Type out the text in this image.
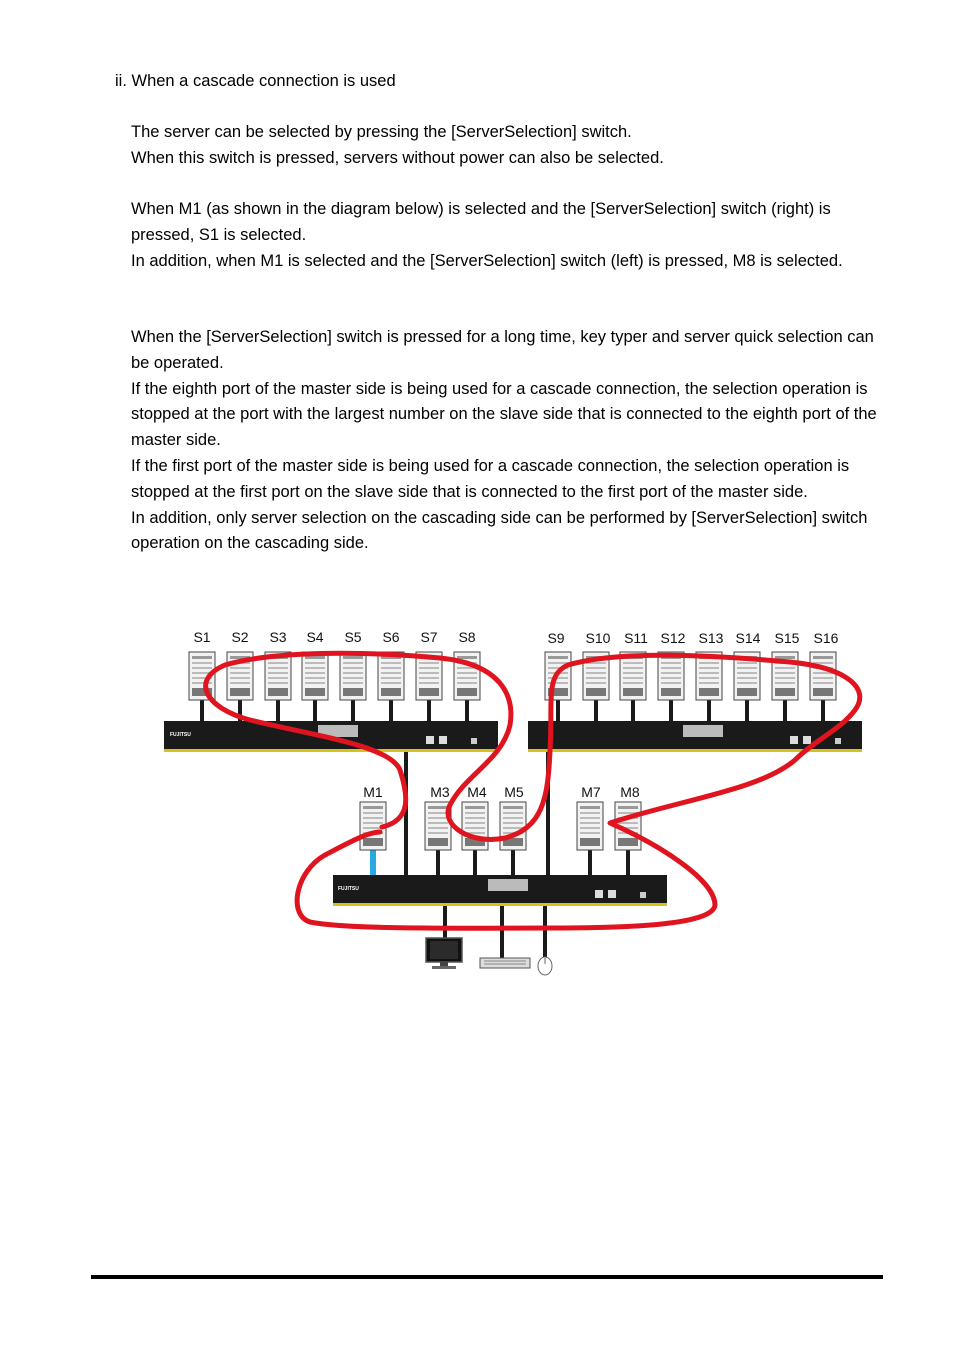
ii. When a cascade connection is used

The server can be selected by pressing the [ServerSelection] switch.

When this switch is pressed, servers without power can also be selected.

When M1 (as shown in the diagram below) is selected and the [ServerSelection] switch (right) is pressed, S1 is selected.

In addition, when M1 is selected and the [ServerSelection] switch (left) is pressed, M8 is selected.

When the [ServerSelection] switch is pressed for a long time, key typer and server quick selection can be operated.

If the eighth port of the master side is being used for a cascade connection, the selection operation is stopped at the port with the largest number on the slave side that is connected to the eighth port of the master side.

If the first port of the master side is being used for a cascade connection, the selection operation is stopped at the first port on the slave side that is connected to the first port of the master side.

In addition, only server selection on the cascading side can be performed by [ServerSelection] switch operation on the cascading side.

FUJITSU
FUJITSU
S1 S2 S3 S4 S5 S6 S7 S8	S9 S10 S11 S12 S13 S14 S15 S16
M1	M3 M4 M5	M7 M8
